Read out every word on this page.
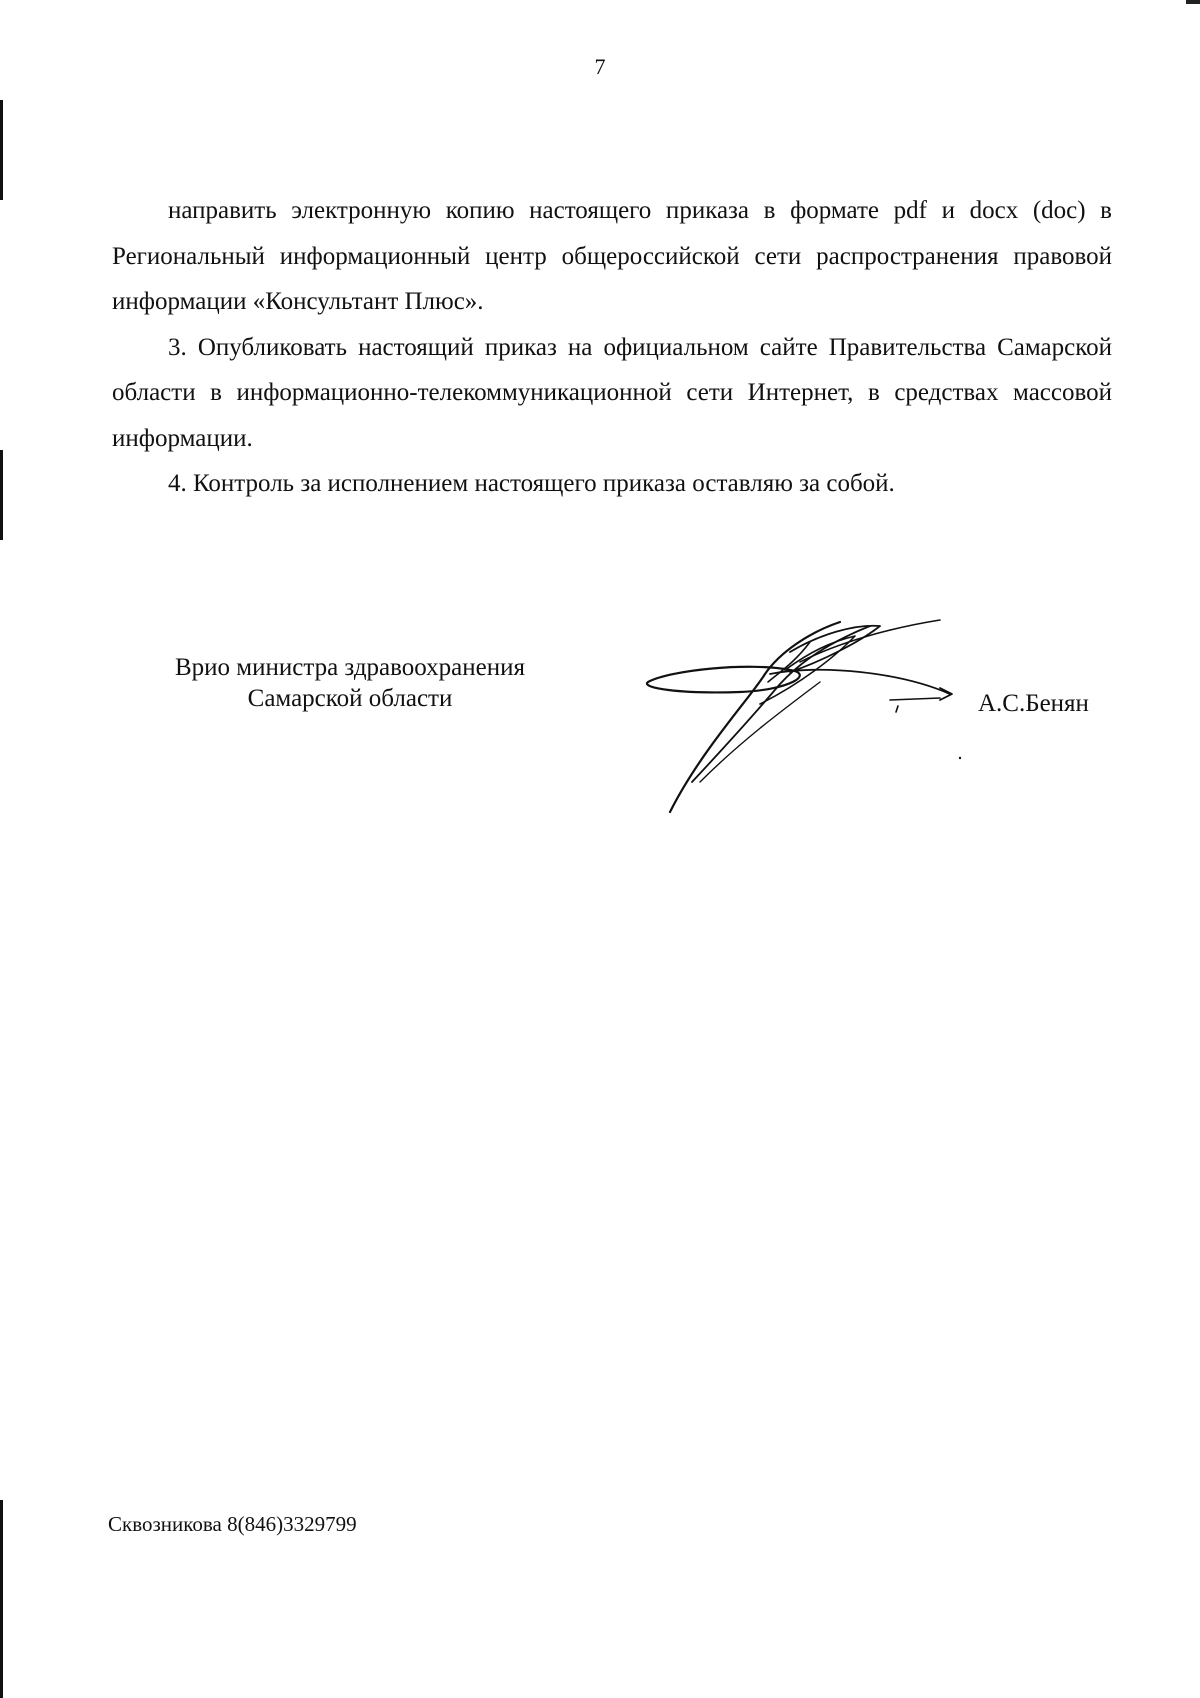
7

направить электронную копию настоящего приказа в формате pdf и docx (doc) в Региональный информационный центр общероссийской сети распространения правовой информации «Консультант Плюс».

3. Опубликовать настоящий приказ на официальном сайте Правительства Самарской области в информационно-телекоммуникационной сети Интернет, в средствах массовой информации.

4. Контроль за исполнением настоящего приказа оставляю за собой.

Врио министра здравоохранения
Самарской области	А.С.Бенян
Сквозникова 8(846)3329799
